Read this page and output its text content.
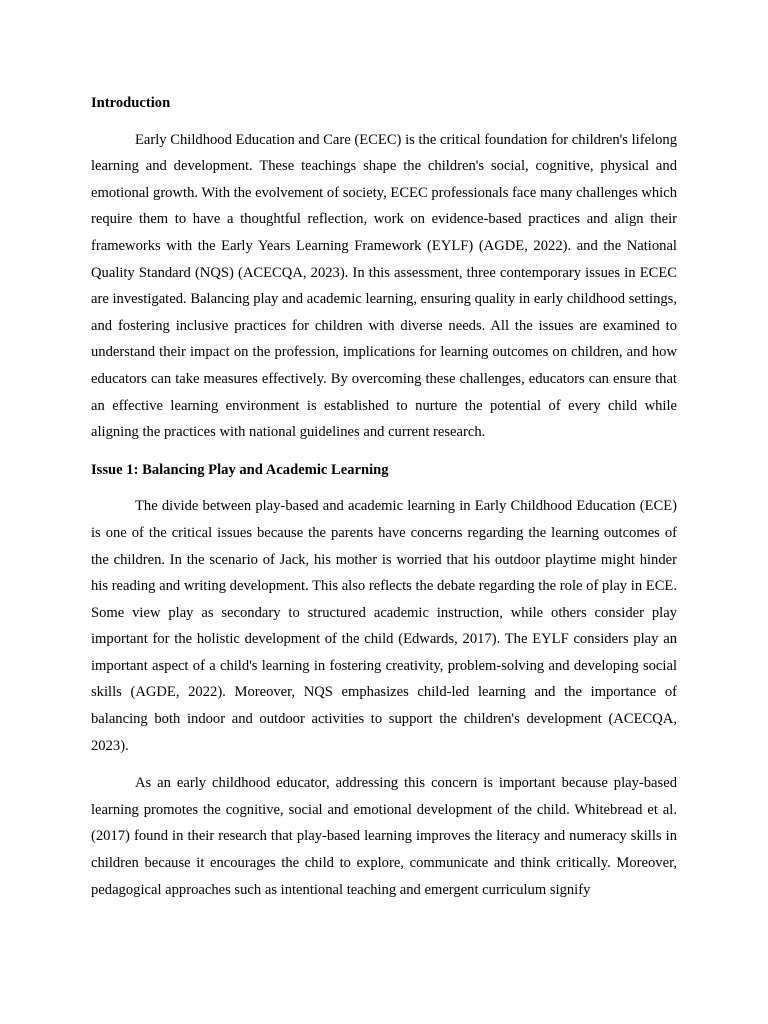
Introduction

Early Childhood Education and Care (ECEC) is the critical foundation for children's lifelong learning and development. These teachings shape the children's social, cognitive, physical and emotional growth. With the evolvement of society, ECEC professionals face many challenges which require them to have a thoughtful reflection, work on evidence-based practices and align their frameworks with the Early Years Learning Framework (EYLF) (AGDE, 2022). and the National Quality Standard (NQS) (ACECQA, 2023). In this assessment, three contemporary issues in ECEC are investigated. Balancing play and academic learning, ensuring quality in early childhood settings, and fostering inclusive practices for children with diverse needs. All the issues are examined to understand their impact on the profession, implications for learning outcomes on children, and how educators can take measures effectively. By overcoming these challenges, educators can ensure that an effective learning environment is established to nurture the potential of every child while aligning the practices with national guidelines and current research.

Issue 1: Balancing Play and Academic Learning

The divide between play-based and academic learning in Early Childhood Education (ECE) is one of the critical issues because the parents have concerns regarding the learning outcomes of the children. In the scenario of Jack, his mother is worried that his outdoor playtime might hinder his reading and writing development. This also reflects the debate regarding the role of play in ECE. Some view play as secondary to structured academic instruction, while others consider play important for the holistic development of the child (Edwards, 2017). The EYLF considers play an important aspect of a child's learning in fostering creativity, problem-solving and developing social skills (AGDE, 2022). Moreover, NQS emphasizes child-led learning and the importance of balancing both indoor and outdoor activities to support the children's development (ACECQA, 2023).

As an early childhood educator, addressing this concern is important because play-based learning promotes the cognitive, social and emotional development of the child. Whitebread et al. (2017) found in their research that play-based learning improves the literacy and numeracy skills in children because it encourages the child to explore, communicate and think critically. Moreover, pedagogical approaches such as intentional teaching and emergent curriculum signify
